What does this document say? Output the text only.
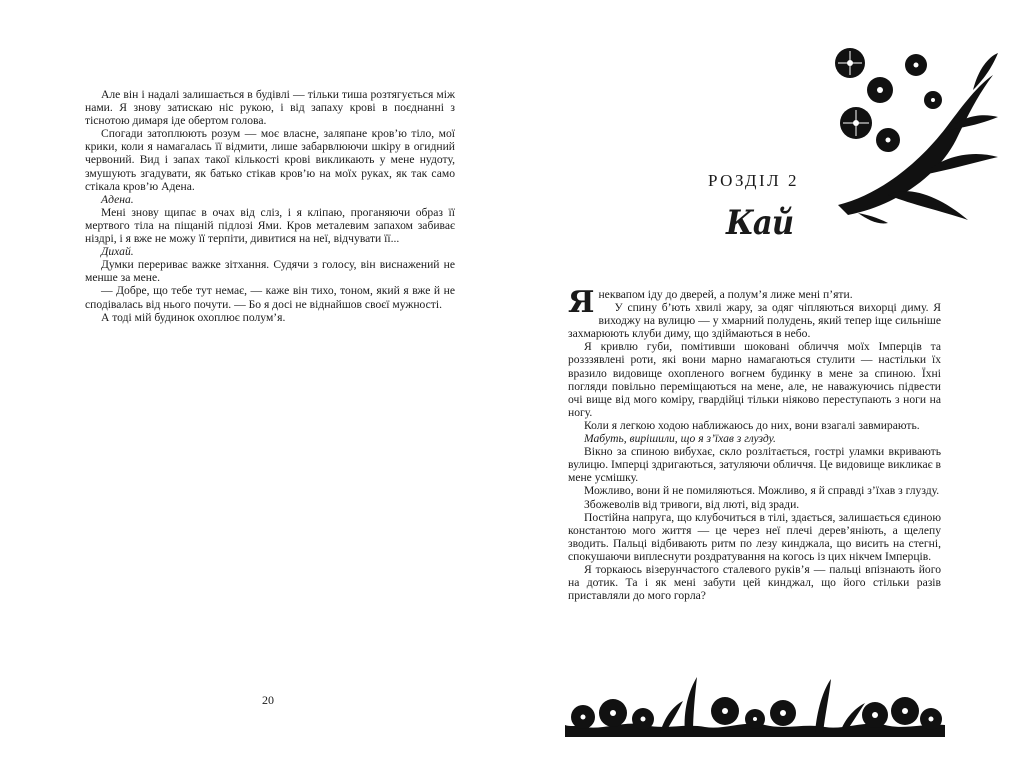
Але він і надалі залишається в будівлі — тільки тиша розтягується між нами. Я знову затискаю ніс рукою, і від запаху крові в поєднанні з тіснотою димаря іде обертом голова.

Спогади затоплюють розум — моє власне, заляпане кров’ю тіло, мої крики, коли я намагалась її відмити, лише забарвлюючи шкіру в огидний червоний. Вид і запах такої кількості крові викликають у мене нудоту, змушують згадувати, як батько стікав кров’ю на моїх руках, як так само стікала кров’ю Адена.

Адена.

Мені знову щипає в очах від сліз, і я кліпаю, проганяючи образ її мертвого тіла на піщаній підлозі Ями. Кров металевим запахом забиває ніздрі, і я вже не можу її терпіти, дивитися на неї, відчувати її...

Дихай.

Думки перериває важке зітхання. Судячи з голосу, він виснажений не менше за мене.

— Добре, що тебе тут немає, — каже він тихо, тоном, який я вже й не сподівалась від нього почути. — Бо я досі не віднайшов своєї мужності.

А тоді мій будинок охоплює полум’я.

20
РОЗДІЛ 2
Кай

Янеквапом іду до дверей, а полум’я лиже мені п’яти.

У спину б’ють хвилі жару, за одяг чіпляються вихорці диму. Я виходжу на вулицю — у хмарний полудень, який тепер іще сильніше захмарюють клуби диму, що здіймаються в небо.

Я кривлю губи, помітивши шоковані обличчя моїх Імперців та розззявлені роти, які вони марно намагаються стулити — настільки їх вразило видовище охопленого вогнем будинку в мене за спиною. Їхні погляди повільно переміщаються на мене, але, не наважуючись підвести очі вище від мого коміру, гвардійці тільки ніяково переступають з ноги на ногу.

Коли я легкою ходою наближаюсь до них, вони взагалі завмирають.

Мабуть, вирішили, що я з’їхав з глузду.

Вікно за спиною вибухає, скло розлітається, гострі уламки вкривають вулицю. Імперці здригаються, затуляючи обличчя. Це видовище викликає в мене усмішку.

Можливо, вони й не помиляються. Можливо, я й справді з’їхав з глузду.

Збожеволів від тривоги, від люті, від зради.

Постійна напруга, що клубочиться в тілі, здається, залишається єдиною константою мого життя — це через неї плечі дерев’яніють, а щелепу зводить. Пальці відбивають ритм по лезу кинджала, що висить на стегні, спокушаючи виплеснути роздратування на когось із цих нікчем Імперців.

Я торкаюсь візерунчастого сталевого руків’я — пальці впізнають його на дотик. Та і як мені забути цей кинджал, що його стільки разів приставляли до мого горла?
